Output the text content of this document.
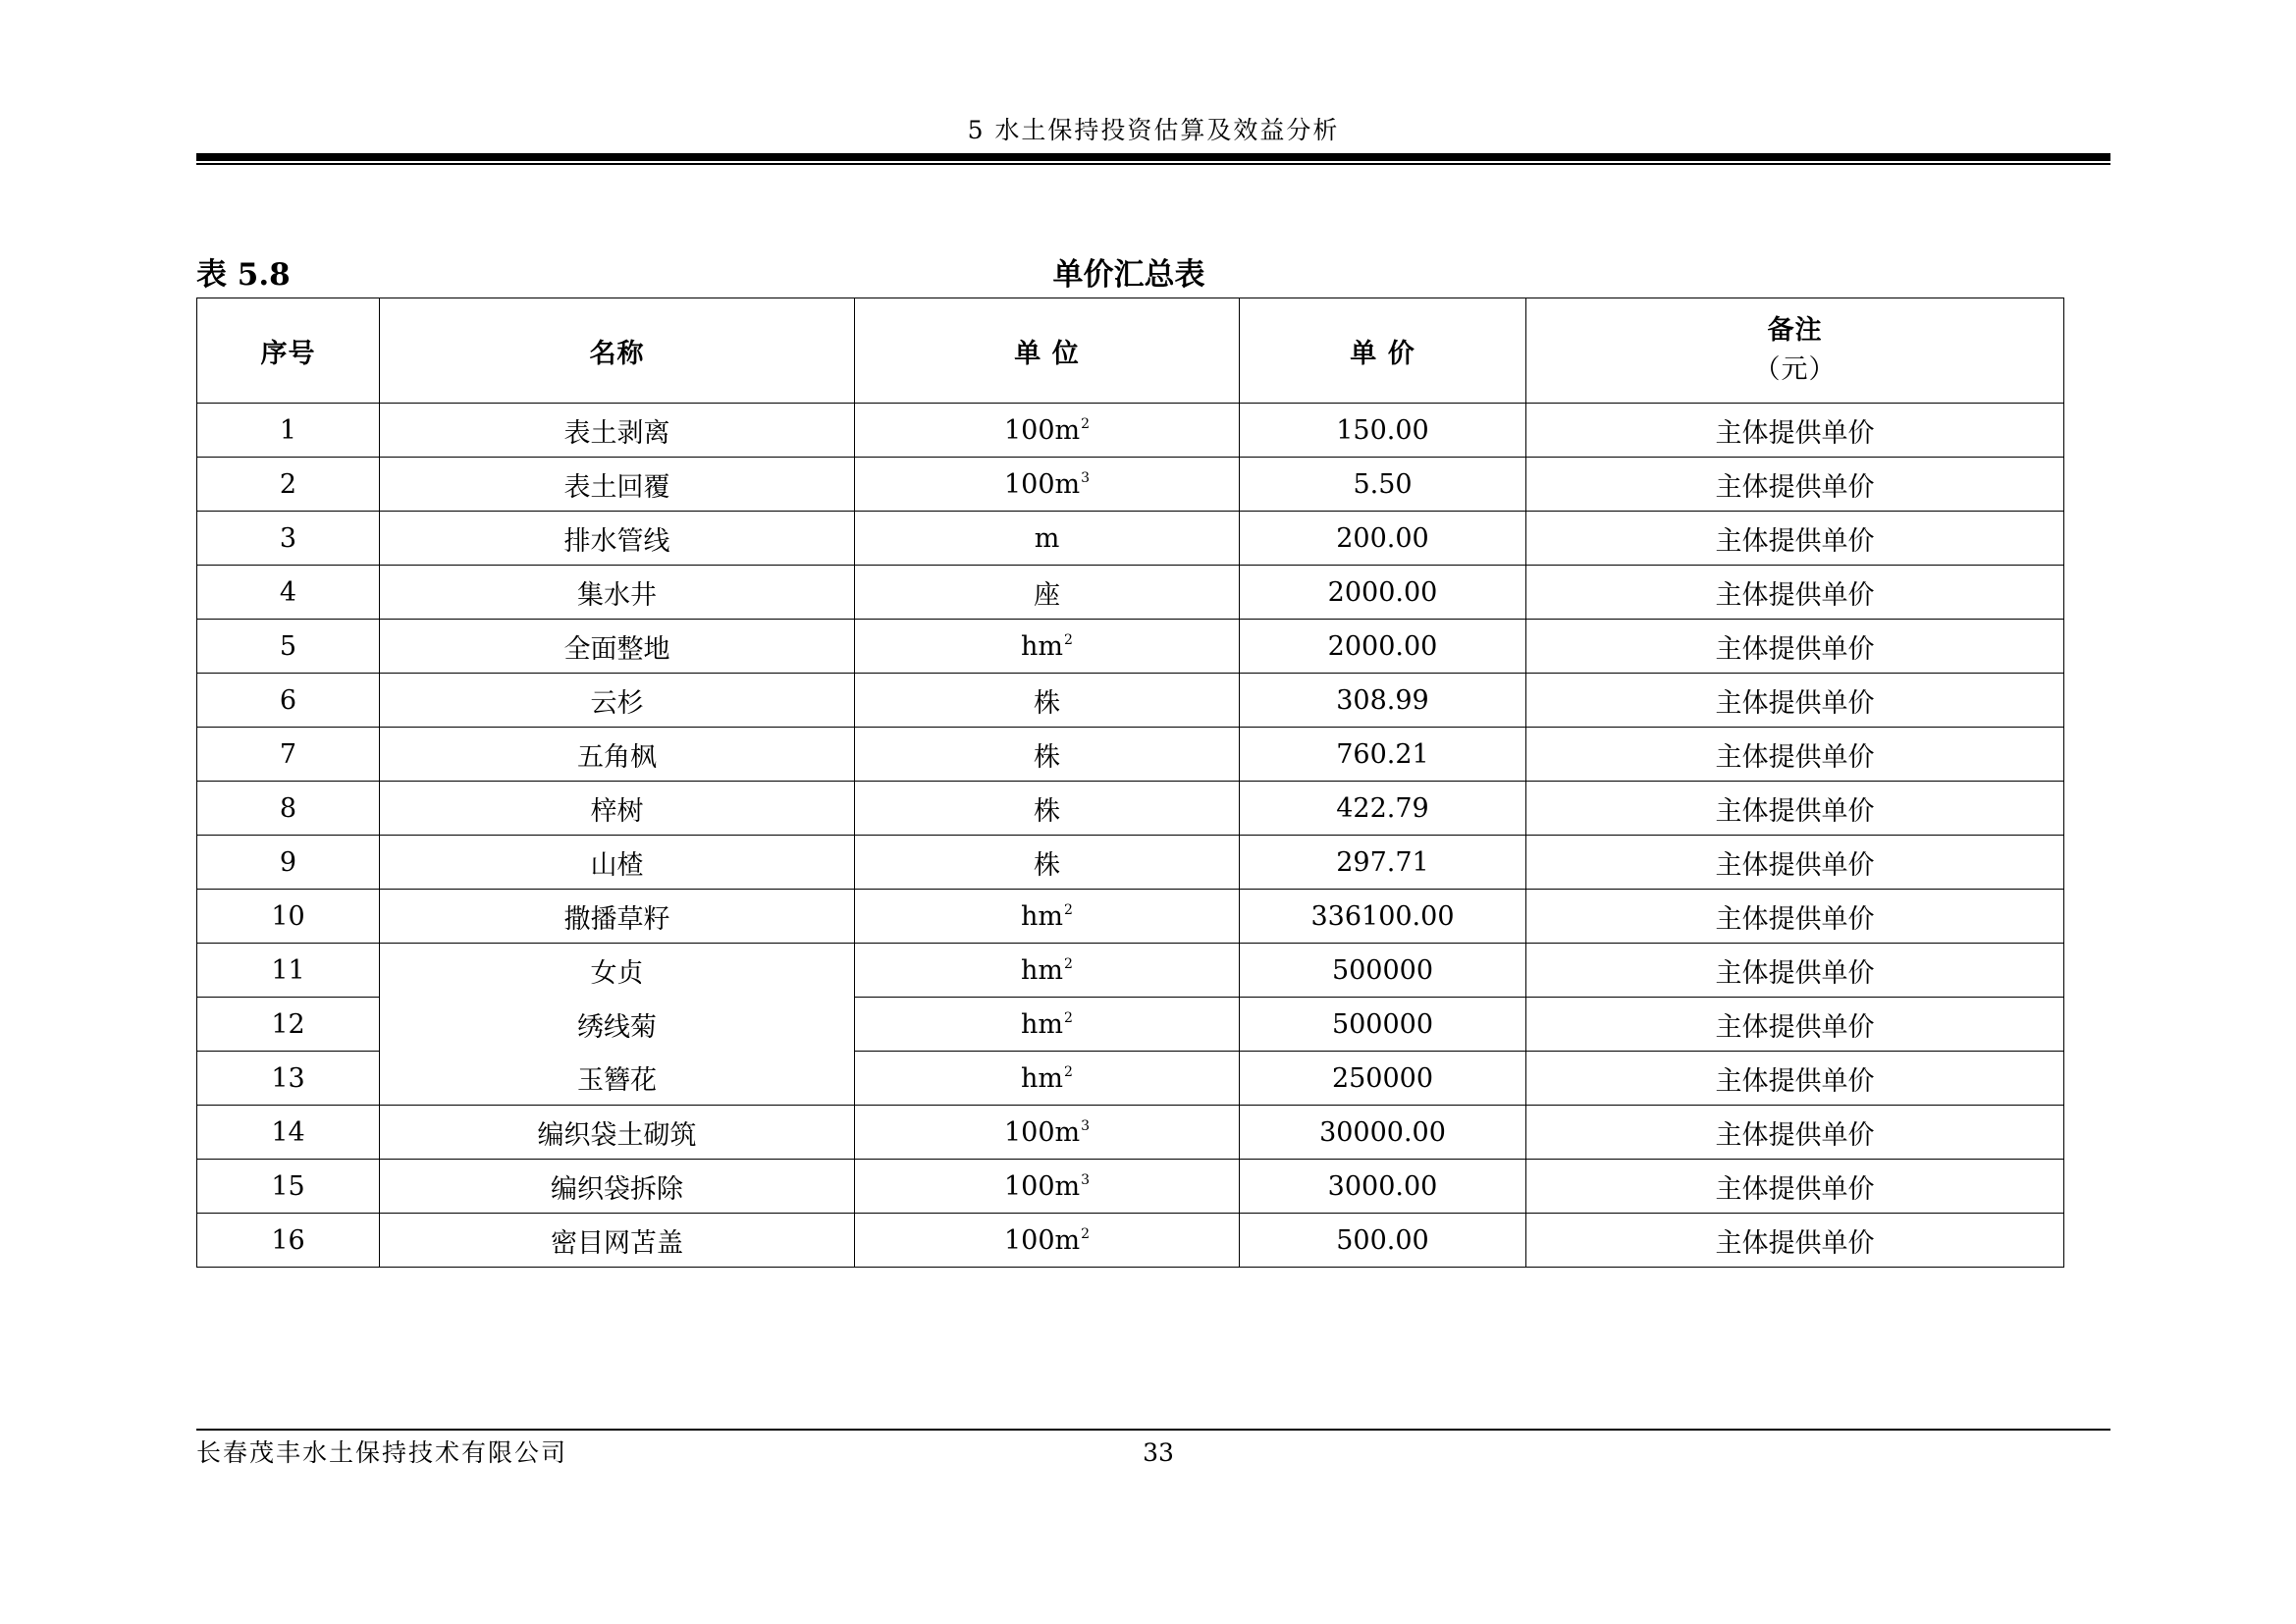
5 水土保持投资估算及效益分析
单价汇总表
表 5.8
序号	名称	单 位	单 价	备注
（元）

1	表土剥离	$100m^2$	150.00	主体提供单价
2	表土回覆	$100m^3$	5.50	主体提供单价
3	排水管线	m	200.00	主体提供单价
4	集水井	座	2000.00	主体提供单价
5	全面整地	$hm^2$	2000.00	主体提供单价
6	云杉	株	308.99	主体提供单价
7	五角枫	株	760.21	主体提供单价
8	梓树	株	422.79	主体提供单价
9	山楂	株	297.71	主体提供单价
10	撒播草籽	$hm^2$	336100.00	主体提供单价
11	女贞	$hm^2$	500000	主体提供单价
12	绣线菊	$hm^2$	500000	主体提供单价
13	玉簪花	$hm^2$	250000	主体提供单价
14	编织袋土砌筑	$100m^3$	30000.00	主体提供单价
15	编织袋拆除	$100m^3$	3000.00	主体提供单价
16	密目网苫盖	$100m^2$	500.00	主体提供单价
长春茂丰水土保持技术有限公司	33
